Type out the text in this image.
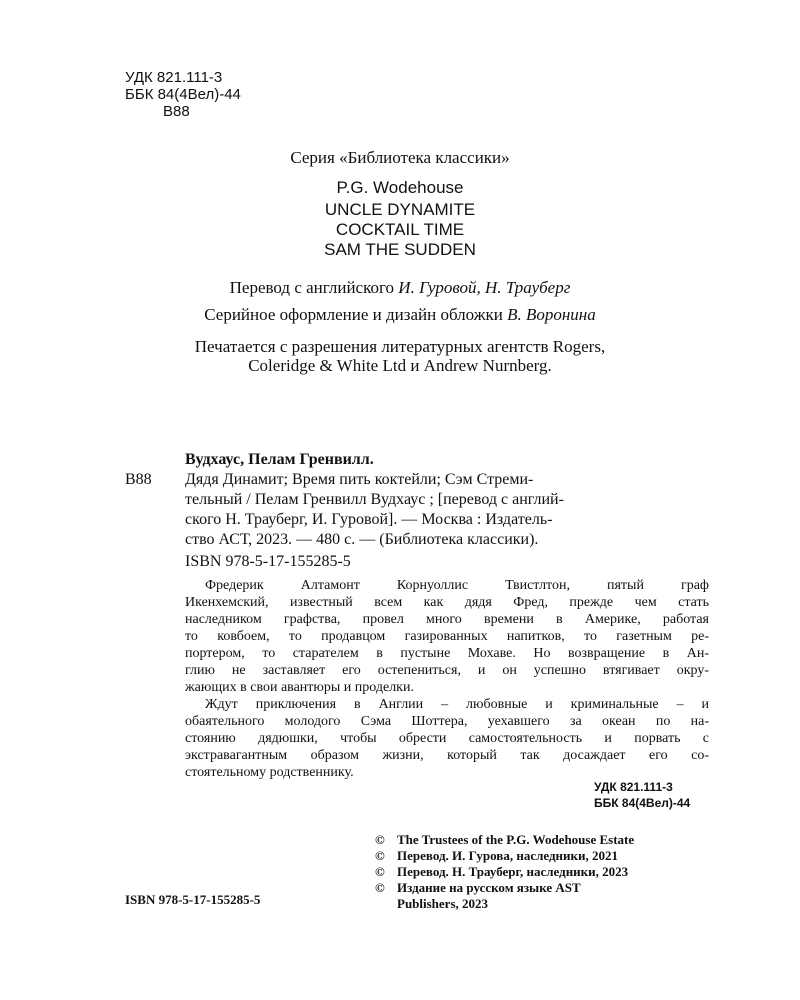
УДК 821.111-3
ББК 84(4Вел)-44
В88
Серия «Библиотека классики»
P.G. Wodehouse
UNCLE DYNAMITE
COCKTAIL TIME
SAM THE SUDDEN
Перевод с английского И. Гуровой, Н. Трауберг
Серийное оформление и дизайн обложки В. Воронина
Печатается с разрешения литературных агентств Rogers,
Coleridge & White Ltd и Andrew Nurnberg.
Вудхаус, Пелам Гренвилл.
В88	Дядя Динамит; Время пить коктейли; Сэм Стреми-
тельный / Пелам Гренвилл Вудхаус ; [перевод с англий-
ского Н. Трауберг, И. Гуровой]. — Москва : Издатель-
ство АСТ, 2023. — 480 с. — (Библиотека классики).
ISBN 978-5-17-155285-5
Фредерик Алтамонт Корнуоллис Твистлтон, пятый граф
Икенхемский, известный всем как дядя Фред, прежде чем стать
наследником графства, провел много времени в Америке, работая
то ковбоем, то продавцом газированных напитков, то газетным ре-
портером, то старателем в пустыне Мохаве. Но возвращение в Ан-
глию не заставляет его остепениться, и он успешно втягивает окру-
жающих в свои авантюры и проделки.
Ждут приключения в Англии – любовные и криминальные – и
обаятельного молодого Сэма Шоттера, уехавшего за океан по на-
стоянию дядюшки, чтобы обрести самостоятельность и порвать с
экстравагантным образом жизни, который так досаждает его со-
стоятельному родственнику.
УДК 821.111-3
ББК 84(4Вел)-44
© The Trustees of the P.G. Wodehouse Estate
© Перевод. И. Гурова, наследники, 2021
© Перевод. Н. Трауберг, наследники, 2023
© Издание на русском языке AST
Publishers, 2023
ISBN 978-5-17-155285-5
